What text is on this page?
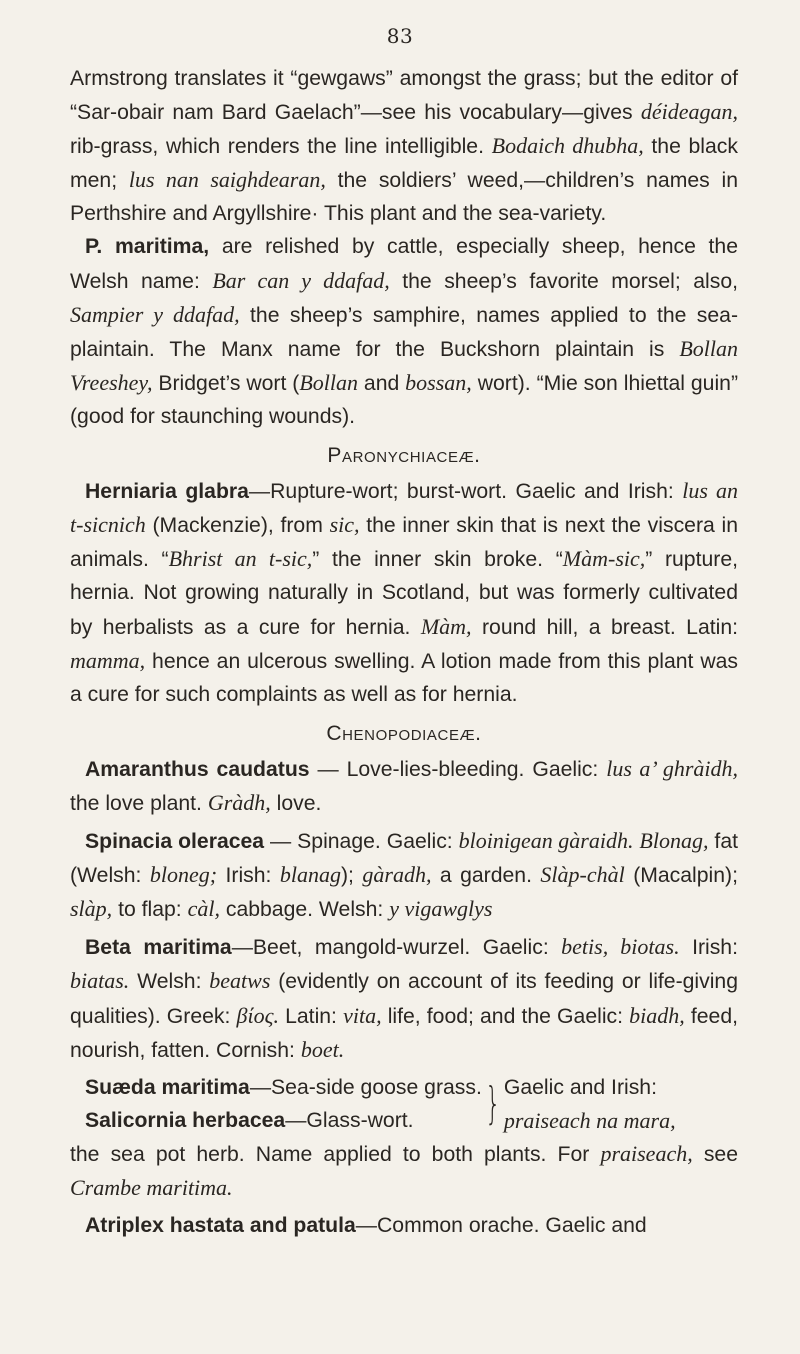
83

Armstrong translates it “gewgaws” amongst the grass; but the editor of “Sar-obair nam Bard Gaelach”—see his vocabulary—gives déideagan, rib-grass, which renders the line intelligible. Bodaich dhubha, the black men; lus nan saighdearan, the soldiers’ weed,—children’s names in Perthshire and Argyllshire· This plant and the sea-variety.

P. maritima, are relished by cattle, especially sheep, hence the Welsh name: Bar can y ddafad, the sheep’s favorite morsel; also, Sampier y ddafad, the sheep’s samphire, names applied to the sea-plaintain. The Manx name for the Buckshorn plaintain is Bollan Vreeshey, Bridget’s wort (Bollan and bossan, wort). “Mie son lhiettal guin” (good for staunching wounds).

Paronychiaceæ.

Herniaria glabra—Rupture-wort; burst-wort. Gaelic and Irish: lus an t-sicnich (Mackenzie), from sic, the inner skin that is next the viscera in animals. “Bhrist an t-sic,” the inner skin broke. “Màm-sic,” rupture, hernia. Not growing naturally in Scotland, but was formerly cultivated by herbalists as a cure for hernia. Màm, round hill, a breast. Latin: mamma, hence an ulcerous swelling. A lotion made from this plant was a cure for such complaints as well as for hernia.

Chenopodiaceæ.

Amaranthus caudatus — Love-lies-bleeding. Gaelic: lus a’ ghràidh, the love plant. Gràdh, love.

Spinacia oleracea — Spinage. Gaelic: bloinigean gàraidh. Blonag, fat (Welsh: bloneg; Irish: blanag); gàradh, a garden. Slàp-chàl (Macalpin); slàp, to flap: càl, cabbage. Welsh: y vigawglys

Beta maritima—Beet, mangold-wurzel. Gaelic: betis, biotas. Irish: biatas. Welsh: beatws (evidently on account of its feeding or life-giving qualities). Greek: βίος. Latin: vita, life, food; and the Gaelic: biadh, feed, nourish, fatten. Cornish: boet.

Suæda maritima—Sea-side goose grass.
Salicornia herbacea—Glass-wort.	} Gaelic and Irish:
praiseach na mara,

the sea pot herb. Name applied to both plants. For praiseach, see Crambe maritima.

Atriplex hastata and patula—Common orache. Gaelic and
